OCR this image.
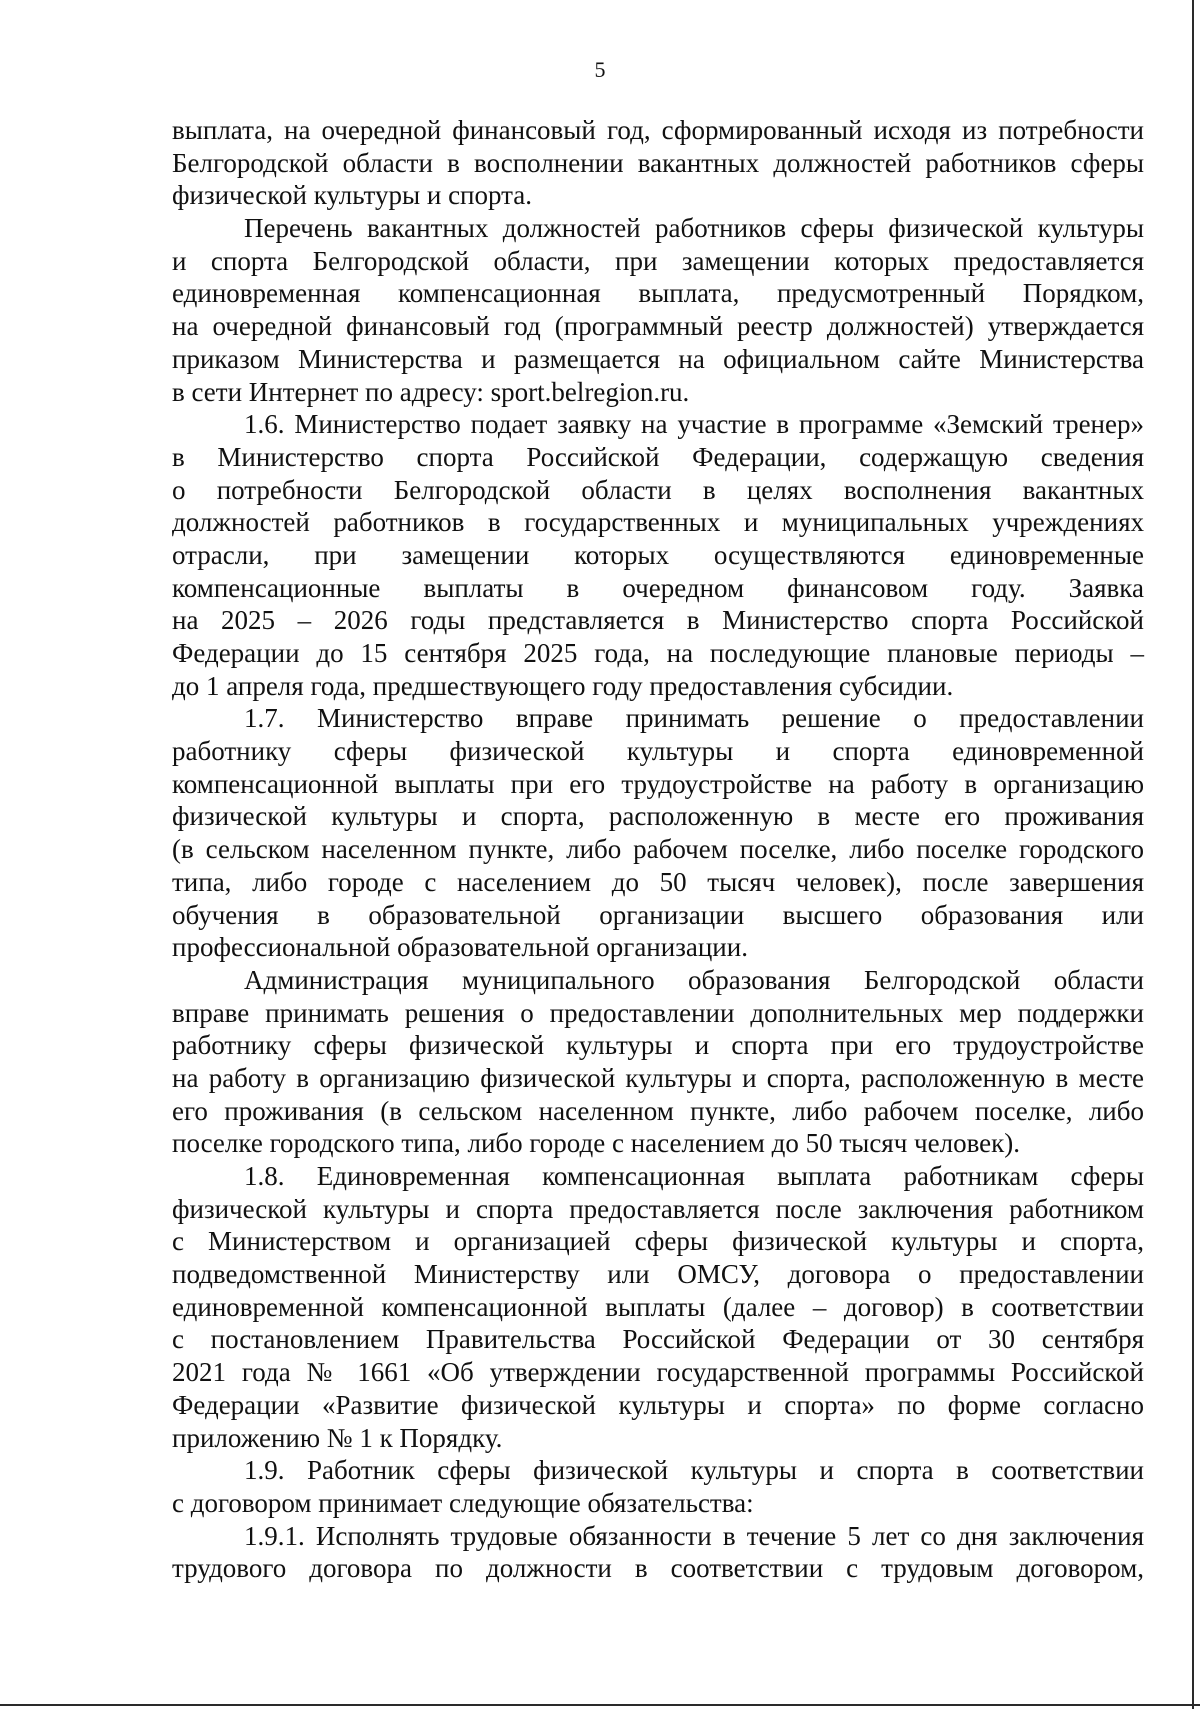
5
выплата, на очередной финансовый год, сформированный исходя из потребности
Белгородской области в восполнении вакантных должностей работников сферы
физической культуры и спорта.
Перечень вакантных должностей работников сферы физической культуры
и спорта Белгородской области, при замещении которых предоставляется
единовременная компенсационная выплата, предусмотренный Порядком,
на очередной финансовый год (программный реестр должностей) утверждается
приказом Министерства и размещается на официальном сайте Министерства
в сети Интернет по адресу: sport.belregion.ru.
1.6. Министерство подает заявку на участие в программе «Земский тренер»
в Министерство спорта Российской Федерации, содержащую сведения
о потребности Белгородской области в целях восполнения вакантных
должностей работников в государственных и муниципальных учреждениях
отрасли, при замещении которых осуществляются единовременные
компенсационные выплаты в очередном финансовом году. Заявка
на 2025 – 2026 годы представляется в Министерство спорта Российской
Федерации до 15 сентября 2025 года, на последующие плановые периоды –
до 1 апреля года, предшествующего году предоставления субсидии.
1.7. Министерство вправе принимать решение о предоставлении
работнику сферы физической культуры и спорта единовременной
компенсационной выплаты при его трудоустройстве на работу в организацию
физической культуры и спорта, расположенную в месте его проживания
(в сельском населенном пункте, либо рабочем поселке, либо поселке городского
типа, либо городе с населением до 50 тысяч человек), после завершения
обучения в образовательной организации высшего образования или
профессиональной образовательной организации.
Администрация муниципального образования Белгородской области
вправе принимать решения о предоставлении дополнительных мер поддержки
работнику сферы физической культуры и спорта при его трудоустройстве
на работу в организацию физической культуры и спорта, расположенную в месте
его проживания (в сельском населенном пункте, либо рабочем поселке, либо
поселке городского типа, либо городе с населением до 50 тысяч человек).
1.8. Единовременная компенсационная выплата работникам сферы
физической культуры и спорта предоставляется после заключения работником
с Министерством и организацией сферы физической культуры и спорта,
подведомственной Министерству или ОМСУ, договора о предоставлении
единовременной компенсационной выплаты (далее – договор) в соответствии
с постановлением Правительства Российской Федерации от 30 сентября
2021 года № 1661 «Об утверждении государственной программы Российской
Федерации «Развитие физической культуры и спорта» по форме согласно
приложению № 1 к Порядку.
1.9. Работник сферы физической культуры и спорта в соответствии
с договором принимает следующие обязательства:
1.9.1. Исполнять трудовые обязанности в течение 5 лет со дня заключения
трудового договора по должности в соответствии с трудовым договором,
